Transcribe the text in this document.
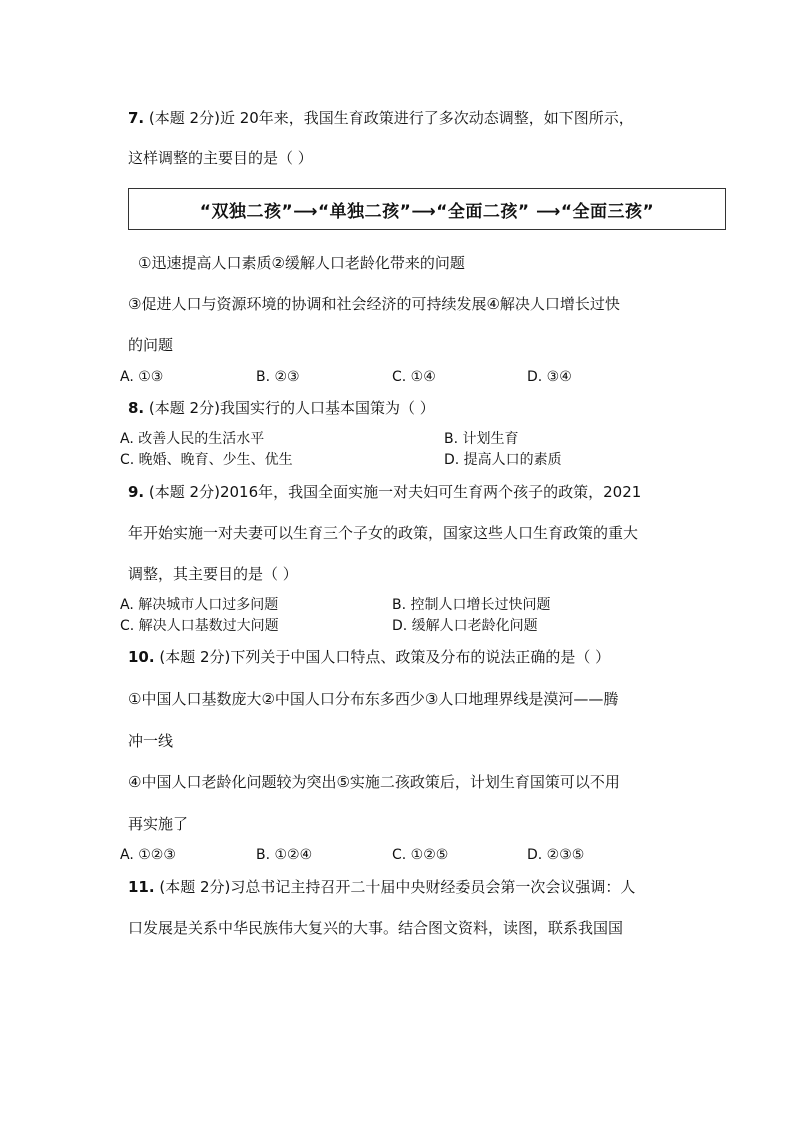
7. (本题 2分)近 20年来，我国生育政策进行了多次动态调整，如下图所示，
这样调整的主要目的是（ ）
“双独二孩”⟶“单独二孩”⟶“全面二孩” ⟶“全面三孩”
①迅速提高人口素质②缓解人口老龄化带来的问题
③促进人口与资源环境的协调和社会经济的可持续发展④解决人口增长过快
的问题
A. ①③	B. ②③	C. ①④	D. ③④
8. (本题 2分)我国实行的人口基本国策为（ ）
A. 改善人民的生活水平	B. 计划生育
C. 晚婚、晚育、少生、优生	D. 提高人口的素质
9. (本题 2分)2016年，我国全面实施一对夫妇可生育两个孩子的政策，2021
年开始实施一对夫妻可以生育三个子女的政策，国家这些人口生育政策的重大
调整，其主要目的是（ ）
A. 解决城市人口过多问题	B. 控制人口增长过快问题
C. 解决人口基数过大问题	D. 缓解人口老龄化问题
10. (本题 2分)下列关于中国人口特点、政策及分布的说法正确的是（ ）
①中国人口基数庞大②中国人口分布东多西少③人口地理界线是漠河——腾
冲一线
④中国人口老龄化问题较为突出⑤实施二孩政策后，计划生育国策可以不用
再实施了
A. ①②③	B. ①②④	C. ①②⑤	D. ②③⑤
11. (本题 2分)习总书记主持召开二十届中央财经委员会第一次会议强调：人
口发展是关系中华民族伟大复兴的大事。结合图文资料，读图，联系我国国
